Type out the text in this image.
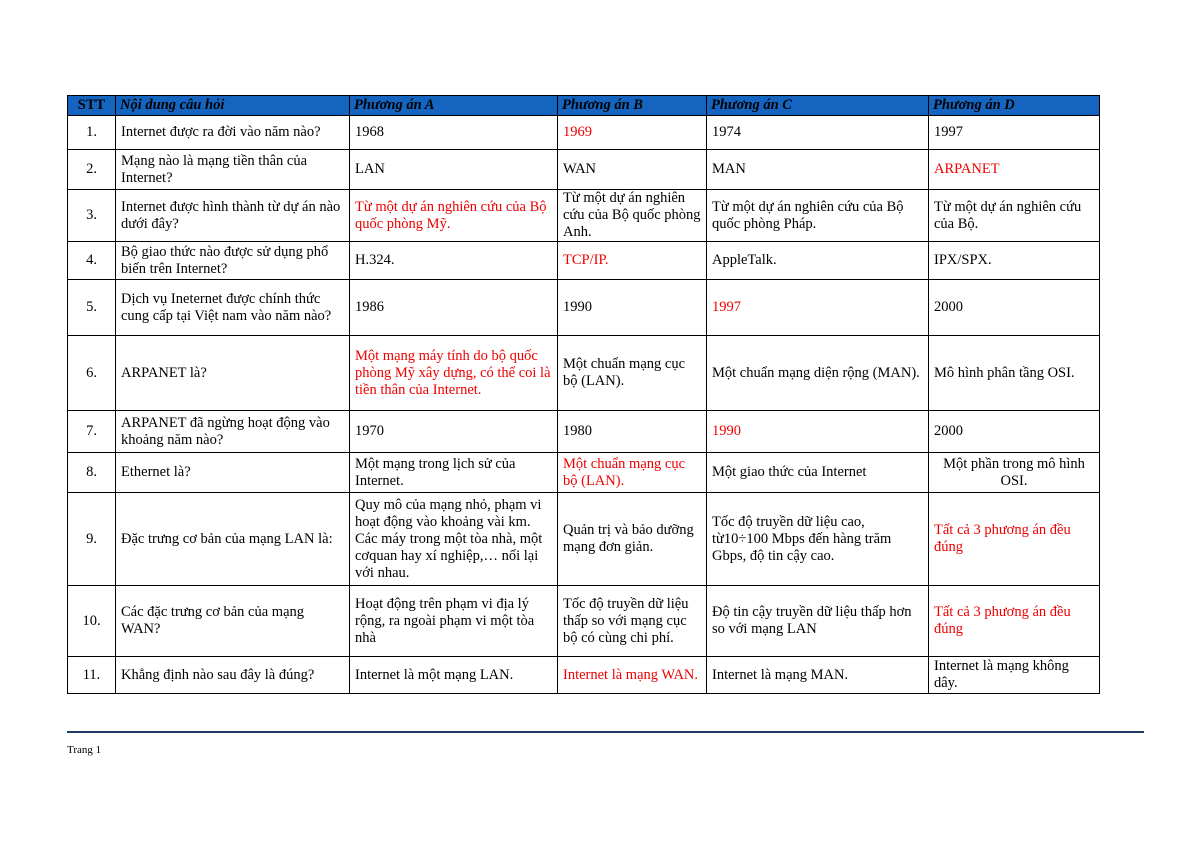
STT	Nội dung câu hỏi	Phương án A	Phương án B	Phương án C	Phương án D
1.	Internet được ra đời vào năm nào?	1968	1969	1974	1997
2.	Mạng nào là mạng tiền thân của Internet?	LAN	WAN	MAN	ARPANET
3.	Internet được hình thành từ dự án nào dưới đây?	Từ một dự án nghiên cứu của Bộ quốc phòng Mỹ.	Từ một dự án nghiên cứu của Bộ quốc phòng Anh.	Từ một dự án nghiên cứu của Bộ quốc phòng Pháp.	Từ một dự án nghiên cứu của Bộ.
4.	Bộ giao thức nào được sử dụng phổ biến trên Internet?	H.324.	TCP/IP.	AppleTalk.	IPX/SPX.
5.	Dịch vụ Ineternet được chính thức cung cấp tại Việt nam vào năm nào?	1986	1990	1997	2000
6.	ARPANET là?	Một mạng máy tính do bộ quốc phòng Mỹ xây dựng, có thể coi là tiền thân của Internet.	Một chuẩn mạng cục bộ (LAN).	Một chuẩn mạng diện rộng (MAN).	Mô hình phân tầng OSI.
7.	ARPANET đã ngừng hoạt động vào khoảng năm nào?	1970	1980	1990	2000
8.	Ethernet là?	Một mạng trong lịch sử của Internet.	Một chuẩn mạng cục bộ (LAN).	Một giao thức của Internet	Một phần trong mô hình OSI.
9.	Đặc trưng cơ bản của mạng LAN là:	Quy mô của mạng nhỏ, phạm vi hoạt động vào khoảng vài km. Các máy trong một tòa nhà, một cơquan hay xí nghiệp,… nối lại với nhau.	Quản trị và bảo dưỡng mạng đơn giản.	Tốc độ truyền dữ liệu cao, từ10÷100 Mbps đến hàng trăm Gbps, độ tin cậy cao.	Tất cả 3 phương án đều đúng
10.	Các đặc trưng cơ bản của mạng WAN?	Hoạt động trên phạm vi địa lý rộng, ra ngoài phạm vi một tòa nhà	Tốc độ truyền dữ liệu thấp so với mạng cục bộ có cùng chi phí.	Độ tin cậy truyền dữ liệu thấp hơn so với mạng LAN	Tất cả 3 phương án đều đúng
11.	Khẳng định nào sau đây là đúng?	Internet là một mạng LAN.	Internet là mạng WAN.	Internet là mạng MAN.	Internet là mạng không dây.
Trang 1
